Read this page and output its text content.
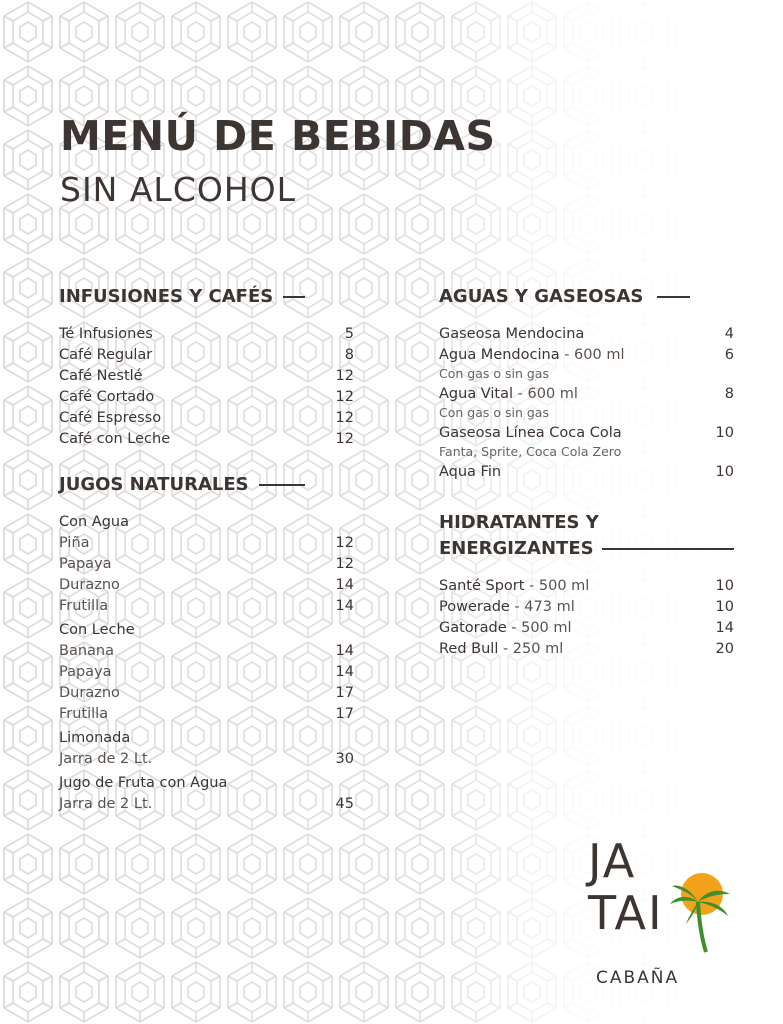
MENÚ DE BEBIDAS
SIN ALCOHOL
INFUSIONES Y CAFÉS
Té Infusiones	5
Café Regular	8
Café Nestlé	12
Café Cortado	12
Café Espresso	12
Café con Leche	12
JUGOS NATURALES
Con Agua
Piña	12
Papaya	12
Durazno	14
Frutilla	14
Con Leche
Banana	14
Papaya	14
Durazno	17
Frutilla	17
Limonada
Jarra de 2 Lt.	30
Jugo de Fruta con Agua
Jarra de 2 Lt.	45
AGUAS Y GASEOSAS
Gaseosa Mendocina	4
Agua Mendocina - 600 ml	6
Con gas o sin gas
Agua Vital - 600 ml	8
Con gas o sin gas
Gaseosa Línea Coca Cola	10
Fanta, Sprite, Coca Cola Zero
Aqua Fin	10
HIDRATANTES Y
ENERGIZANTES
Santé Sport - 500 ml	10
Powerade - 473 ml	10
Gatorade - 500 ml	14
Red Bull - 250 ml	20
JA
TAI
CABAÑA
